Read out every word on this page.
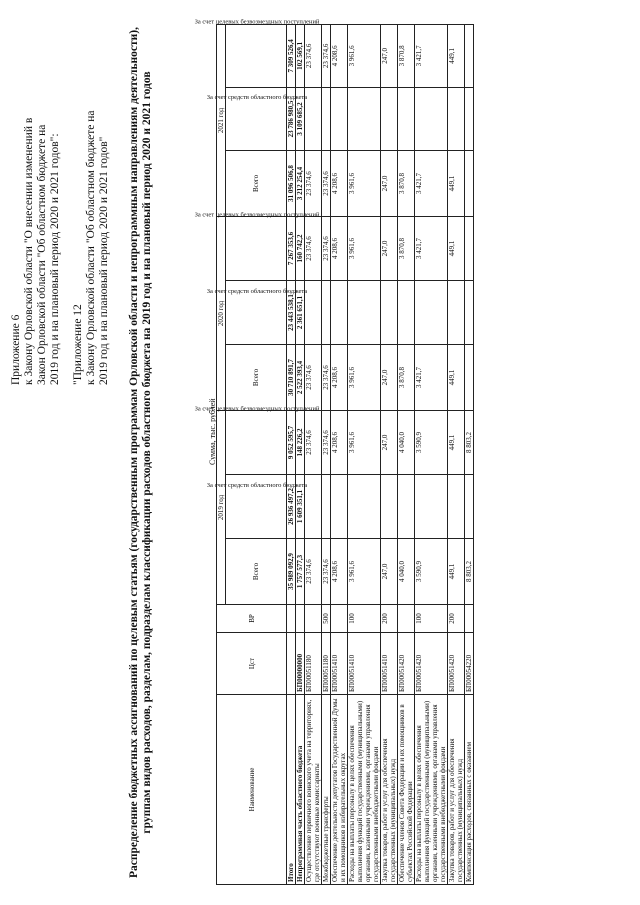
Приложение 6 к Закону Орловской области "О внесении изменений в Закон Орловской области "Об областном бюджете на 2019 год и на плановый период 2020 и 2021 годов": "Приложение 12 к Закону Орловской области "Об областном бюджете на 2019 год и на плановый период 2020 и 2021 годов" Распределение бюджетных ассигнований по целевым статьям (государственным программам Орловской области и непрограммным направлениям деятельности), группам видов расходов, разделам, подразделам классификации расходов областного бюджета на 2019 год и на плановый период 2020 и 2021 годов	Сумма, тыс. рублей
Наименование	Цст	ВР	2019 год			2020 год			2021 год		
			Всего	За счет средств областного бюджета	За счет целевых безвозмездных поступлений	Всего	За счет средств областного бюджета	За счет целевых безвозмездных поступлений	Всего	За счет средств областного бюджета	За счет целевых безвозмездных поступлений

Итого			35 989 092,9	26 936 497,2	9 052 595,7	30 710 891,7	23 443 538,1	7 267 353,6	31 096 506,8	23 786 980,5	7 309 526,4
Непрограммная часть областного бюджета	БП00000000		1 757 577,3	1 609 351,1	148 226,2	2 522 393,4	2 361 651,1	160 742,2	3 212 254,4	3 109 685,2	102 569,1
Осуществление первичного воинского учета на территориях, где отсутствуют военные комиссариаты	БП00051180		23 374,6		23 374,6	23 374,6		23 374,6	23 374,6		23 374,6
Межбюджетные трансферты	БП00051180	500	23 374,6		23 374,6	23 374,6		23 374,6	23 374,6		23 374,6
Обеспечение деятельности депутатов Государственной Думы и их помощников в избирательных округах	БП00051410		4 208,6		4 208,6	4 208,6		4 208,6	4 208,6		4 208,6
Расходы на выплаты персоналу в целях обеспечения выполнения функций государственными (муниципальными) органами, казенными учреждениями, органами управления государственными внебюджетными фондами	БП00051410	100	3 961,6		3 961,6	3 961,6		3 961,6	3 961,6		3 961,6
Закупка товаров, работ и услуг для обеспечения государственных (муниципальных) нужд	БП00051410	200	247,0		247,0	247,0		247,0	247,0		247,0
Обеспечение членов Совета Федерации и их помощников в субъектах Российской Федерации	БП00051420		4 040,0		4 040,0	3 870,8		3 870,8	3 870,8		3 870,8
Расходы на выплаты персоналу в целях обеспечения выполнения функций государственными (муниципальными) органами, казенными учреждениями, органами управления государственными внебюджетными фондами	БП00051420	100	3 590,9		3 590,9	3 421,7		3 421,7	3 421,7		3 421,7
Закупка товаров, работ и услуг для обеспечения государственных (муниципальных) нужд	БП00051420	200	449,1		449,1	449,1		449,1	449,1		449,1
Компенсация расходов, связанных с оказанием	БП00054220		8 803,2		8 803,2						
